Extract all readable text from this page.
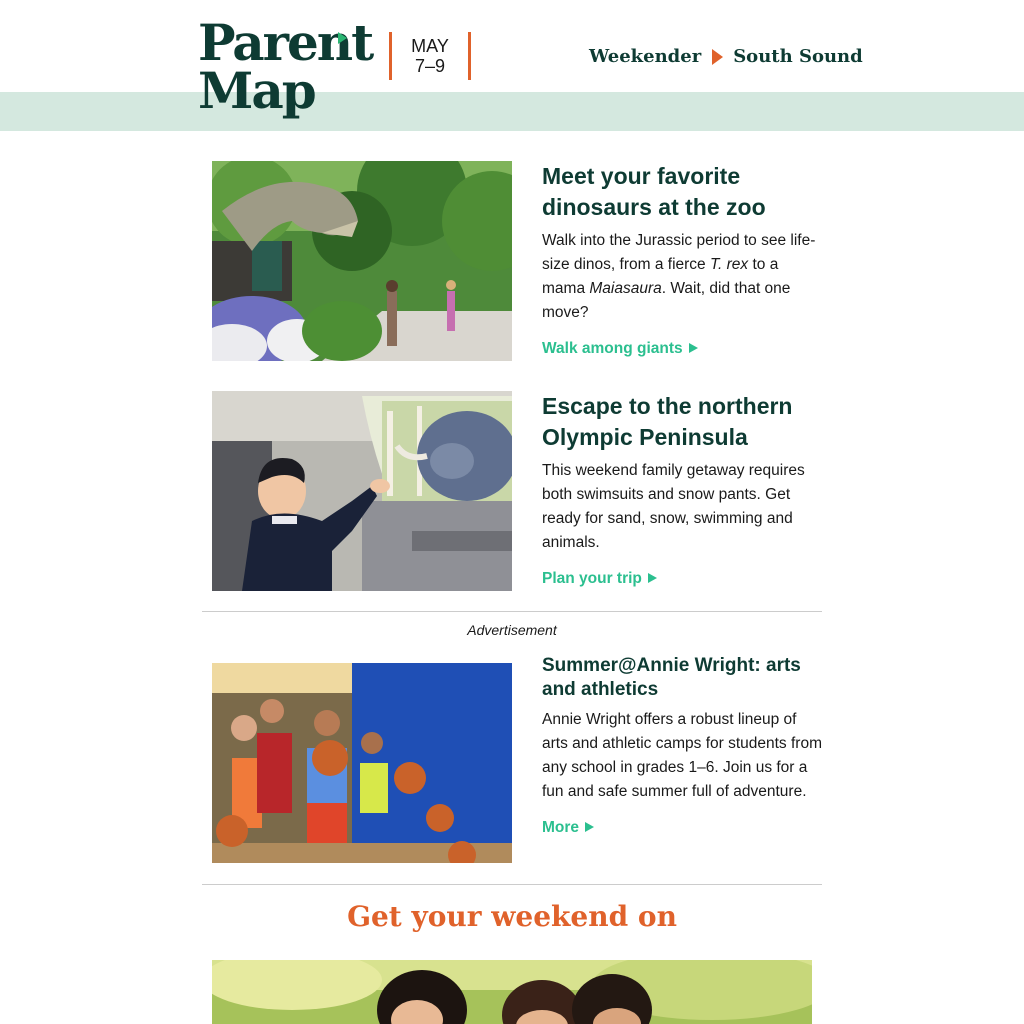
Parent
Map
MAY
7–9	Weekender South Sound
Meet your favorite dinosaurs at the zoo

Walk into the Jurassic period to see life-size dinos, from a fierce T. rex to a mama Maiasaura. Wait, did that one move?

Walk among giants
Escape to the northern Olympic Peninsula

This weekend family getaway requires both swimsuits and snow pants. Get ready for sand, snow, swimming and animals.

Plan your trip
Advertisement
Summer@Annie Wright: arts and athletics

Annie Wright offers a robust lineup of arts and athletic camps for students from any school in grades 1–6. Join us for a fun and safe summer full of adventure.

More
Get your weekend on
